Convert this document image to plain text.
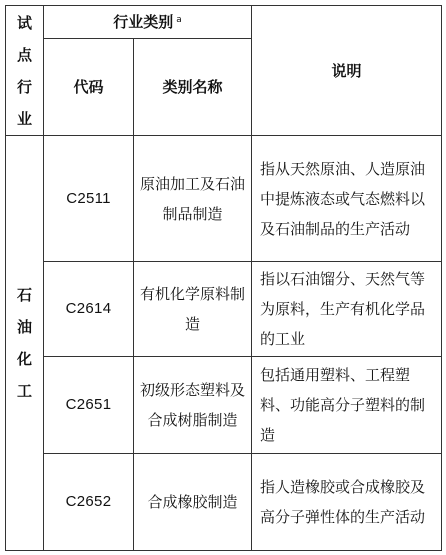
试
点
行
业	行业类别 $^a$		说明
	代码	类别名称	

石
油
化
工	C2511	原油加工及石油制品制造	指从天然原油、人造原油中提炼液态或气态燃料以及石油制品的生产活动
	C2614	有机化学原料制造	指以石油馏分、天然气等为原料，生产有机化学品的工业
	C2651	初级形态塑料及合成树脂制造	包括通用塑料、工程塑料、功能高分子塑料的制造
	C2652	合成橡胶制造	指人造橡胶或合成橡胶及高分子弹性体的生产活动
